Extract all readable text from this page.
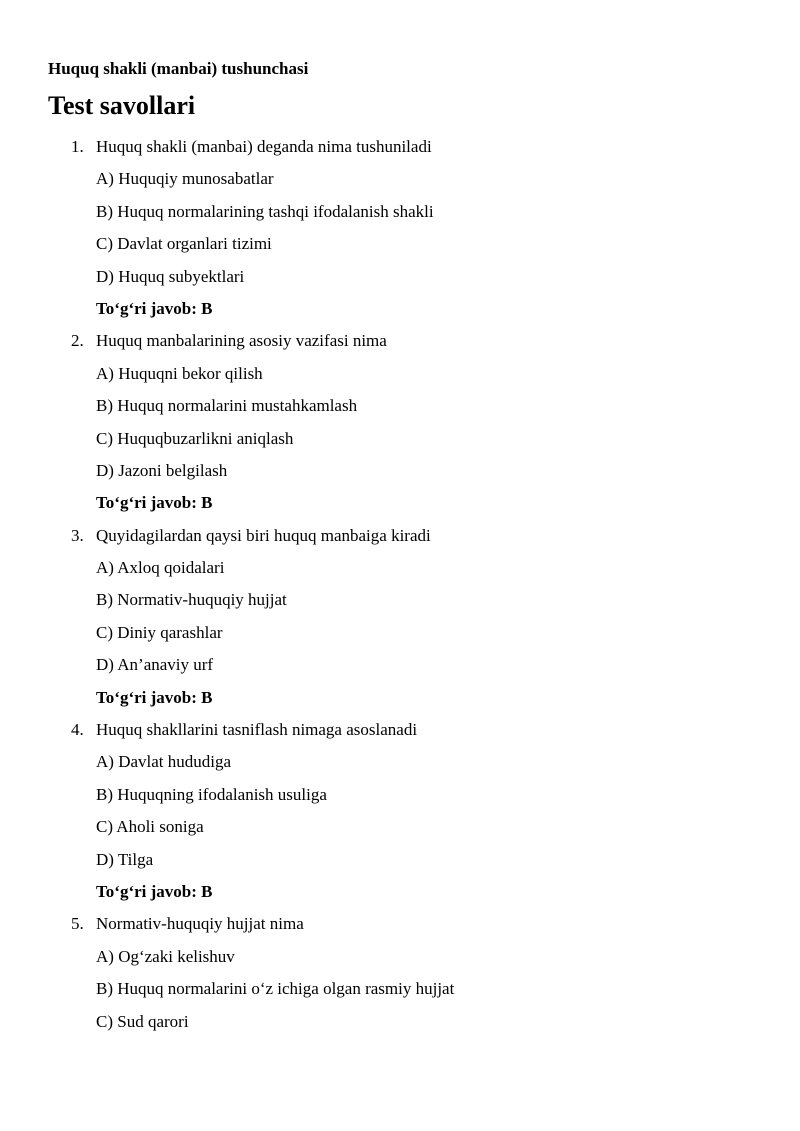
Huquq shakli (manbai) tushunchasi
Test savollari
1. Huquq shakli (manbai) deganda nima tushuniladi
A) Huquqiy munosabatlar
B) Huquq normalarining tashqi ifodalanish shakli
C) Davlat organlari tizimi
D) Huquq subyektlari
To‘g‘ri javob: B
2. Huquq manbalarining asosiy vazifasi nima
A) Huquqni bekor qilish
B) Huquq normalarini mustahkamlash
C) Huquqbuzarlikni aniqlash
D) Jazoni belgilash
To‘g‘ri javob: B
3. Quyidagilardan qaysi biri huquq manbaiga kiradi
A) Axloq qoidalari
B) Normativ-huquqiy hujjat
C) Diniy qarashlar
D) An’anaviy urf
To‘g‘ri javob: B
4. Huquq shakllarini tasniflash nimaga asoslanadi
A) Davlat hududiga
B) Huquqning ifodalanish usuliga
C) Aholi soniga
D) Tilga
To‘g‘ri javob: B
5. Normativ-huquqiy hujjat nima
A) Og‘zaki kelishuv
B) Huquq normalarini o‘z ichiga olgan rasmiy hujjat
C) Sud qarori
